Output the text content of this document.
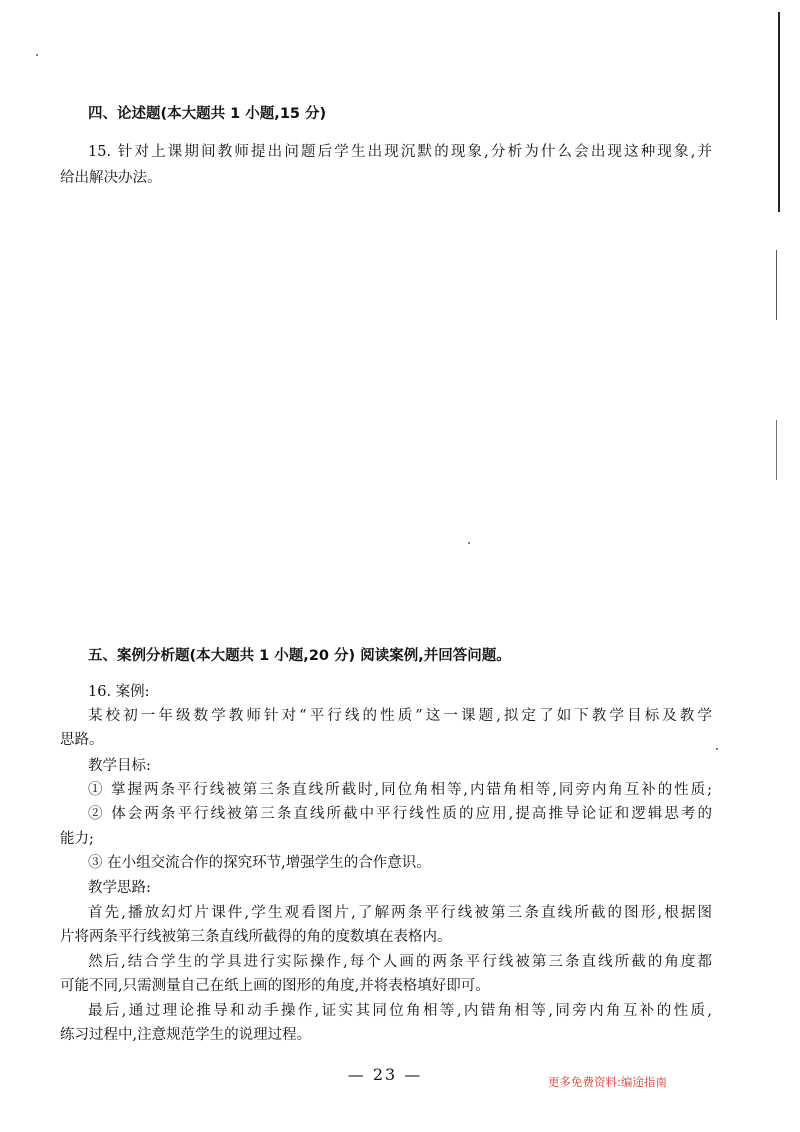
四、论述题(本大题共 1 小题,15 分)
15. 针对上课期间教师提出问题后学生出现沉默的现象,分析为什么会出现这种现象,并
给出解决办法。
五、案例分析题(本大题共 1 小题,20 分) 阅读案例,并回答问题。
16. 案例:
某校初一年级数学教师针对“平行线的性质”这一课题,拟定了如下教学目标及教学
思路。
教学目标:
① 掌握两条平行线被第三条直线所截时,同位角相等,内错角相等,同旁内角互补的性质;
② 体会两条平行线被第三条直线所截中平行线性质的应用,提高推导论证和逻辑思考的
能力;
③ 在小组交流合作的探究环节,增强学生的合作意识。
教学思路:
首先,播放幻灯片课件,学生观看图片,了解两条平行线被第三条直线所截的图形,根据图
片将两条平行线被第三条直线所截得的角的度数填在表格内。
然后,结合学生的学具进行实际操作,每个人画的两条平行线被第三条直线所截的角度都
可能不同,只需测量自己在纸上画的图形的角度,并将表格填好即可。
最后,通过理论推导和动手操作,证实其同位角相等,内错角相等,同旁内角互补的性质,
练习过程中,注意规范学生的说理过程。
— 23 —	更多免费资料:编途指南
